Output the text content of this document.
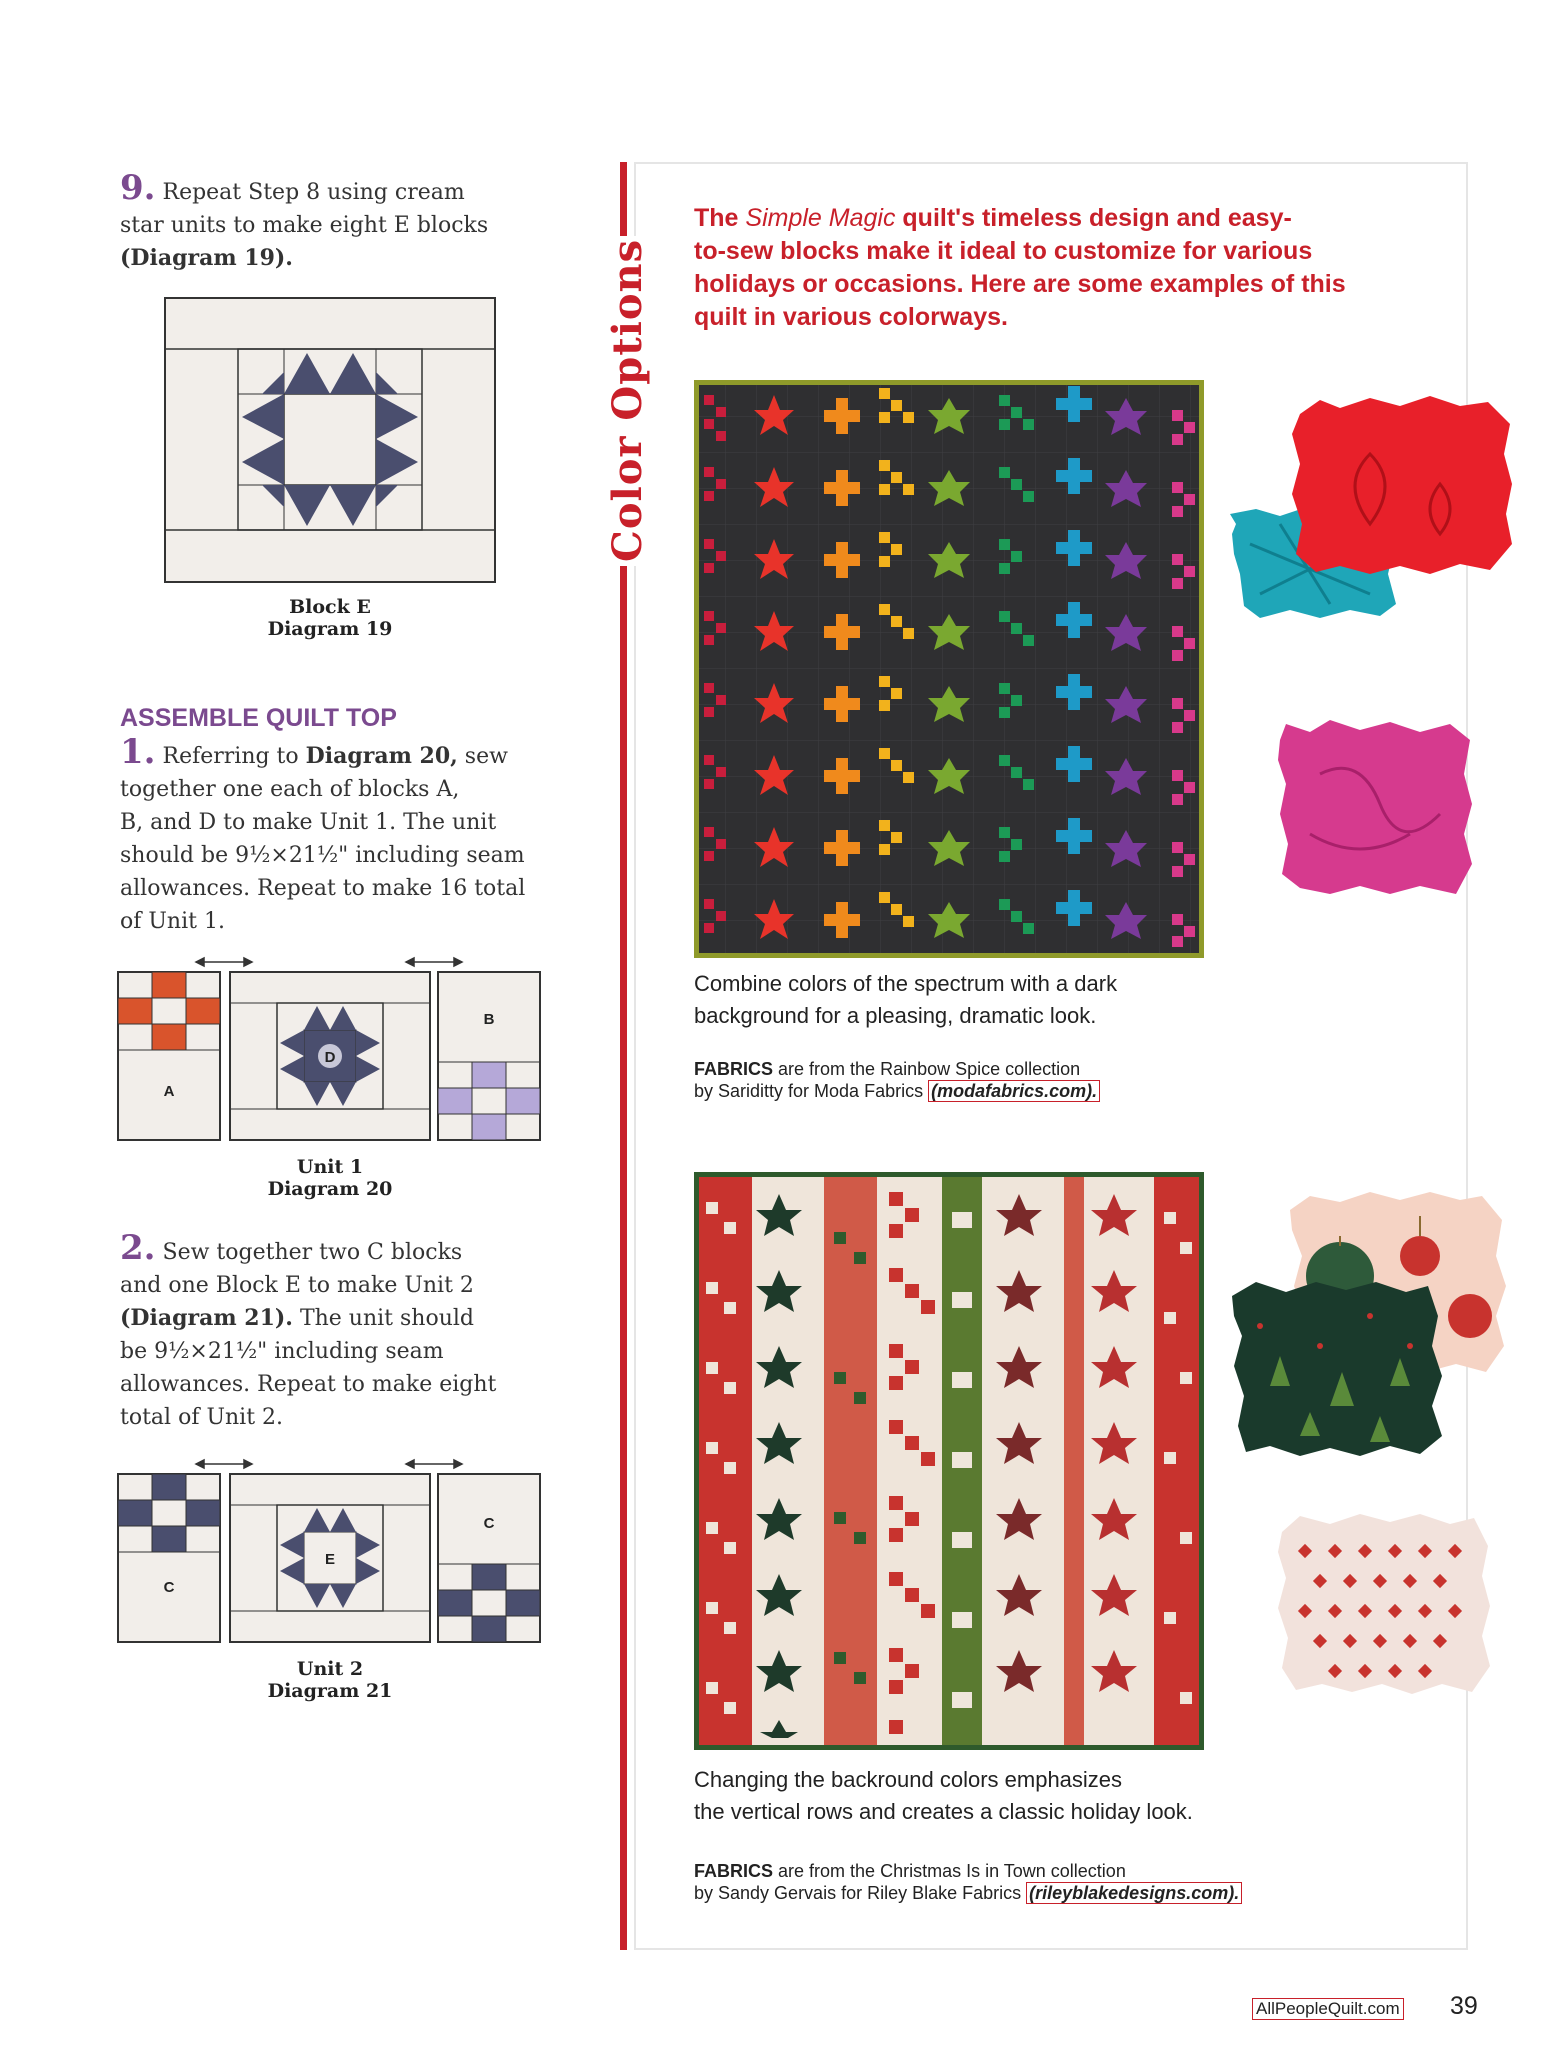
9. Repeat Step 8 using cream
star units to make eight E blocks
(Diagram 19).
Block E
Diagram 19
ASSEMBLE QUILT TOP
1. Referring to Diagram 20, sew
together one each of blocks A,
B, and D to make Unit 1. The unit
should be 9½×21½" including seam
allowances. Repeat to make 16 total
of Unit 1.
A
D
B
Unit 1
Diagram 20
2. Sew together two C blocks
and one Block E to make Unit 2
(Diagram 21). The unit should
be 9½×21½" including seam
allowances. Repeat to make eight
total of Unit 2.
C
E
C
Unit 2
Diagram 21
Color Options
The Simple Magic quilt's timeless design and easy-
to-sew blocks make it ideal to customize for various
holidays or occasions. Here are some examples of this
quilt in various colorways.
Combine colors of the spectrum with a dark
background for a pleasing, dramatic look.
FABRICS are from the Rainbow Spice collection
by Sariditty for Moda Fabrics (modafabrics.com).
Changing the backround colors emphasizes
the vertical rows and creates a classic holiday look.
FABRICS are from the Christmas Is in Town collection
by Sandy Gervais for Riley Blake Fabrics (rileyblakedesigns.com).
AllPeopleQuilt.com 39
